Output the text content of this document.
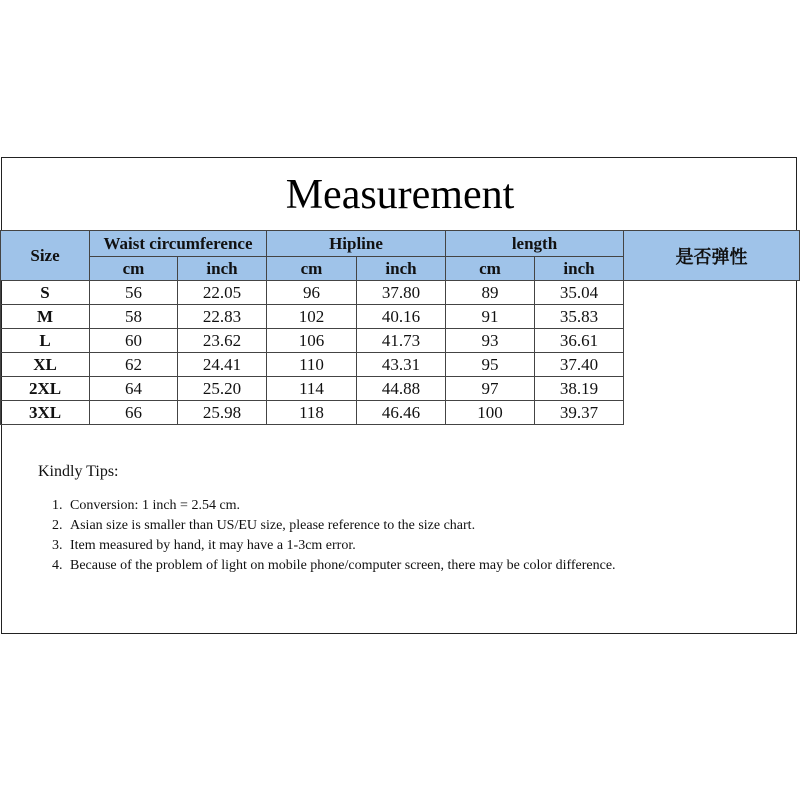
Measurement
Size	Waist circumference		Hipline		length		是否弹性
	cm	inch	cm	inch	cm	inch	
S	56	22.05	96	37.80	89	35.04	
M	58	22.83	102	40.16	91	35.83	
L	60	23.62	106	41.73	93	36.61	
XL	62	24.41	110	43.31	95	37.40	
2XL	64	25.20	114	44.88	97	38.19	
3XL	66	25.98	118	46.46	100	39.37	
Kindly Tips:
1. Conversion: 1 inch = 2.54 cm.
2. Asian size is smaller than US/EU size, please reference to the size chart.
3. Item measured by hand, it may have a 1-3cm error.
4. Because of the problem of light on mobile phone/computer screen, there may be color difference.
